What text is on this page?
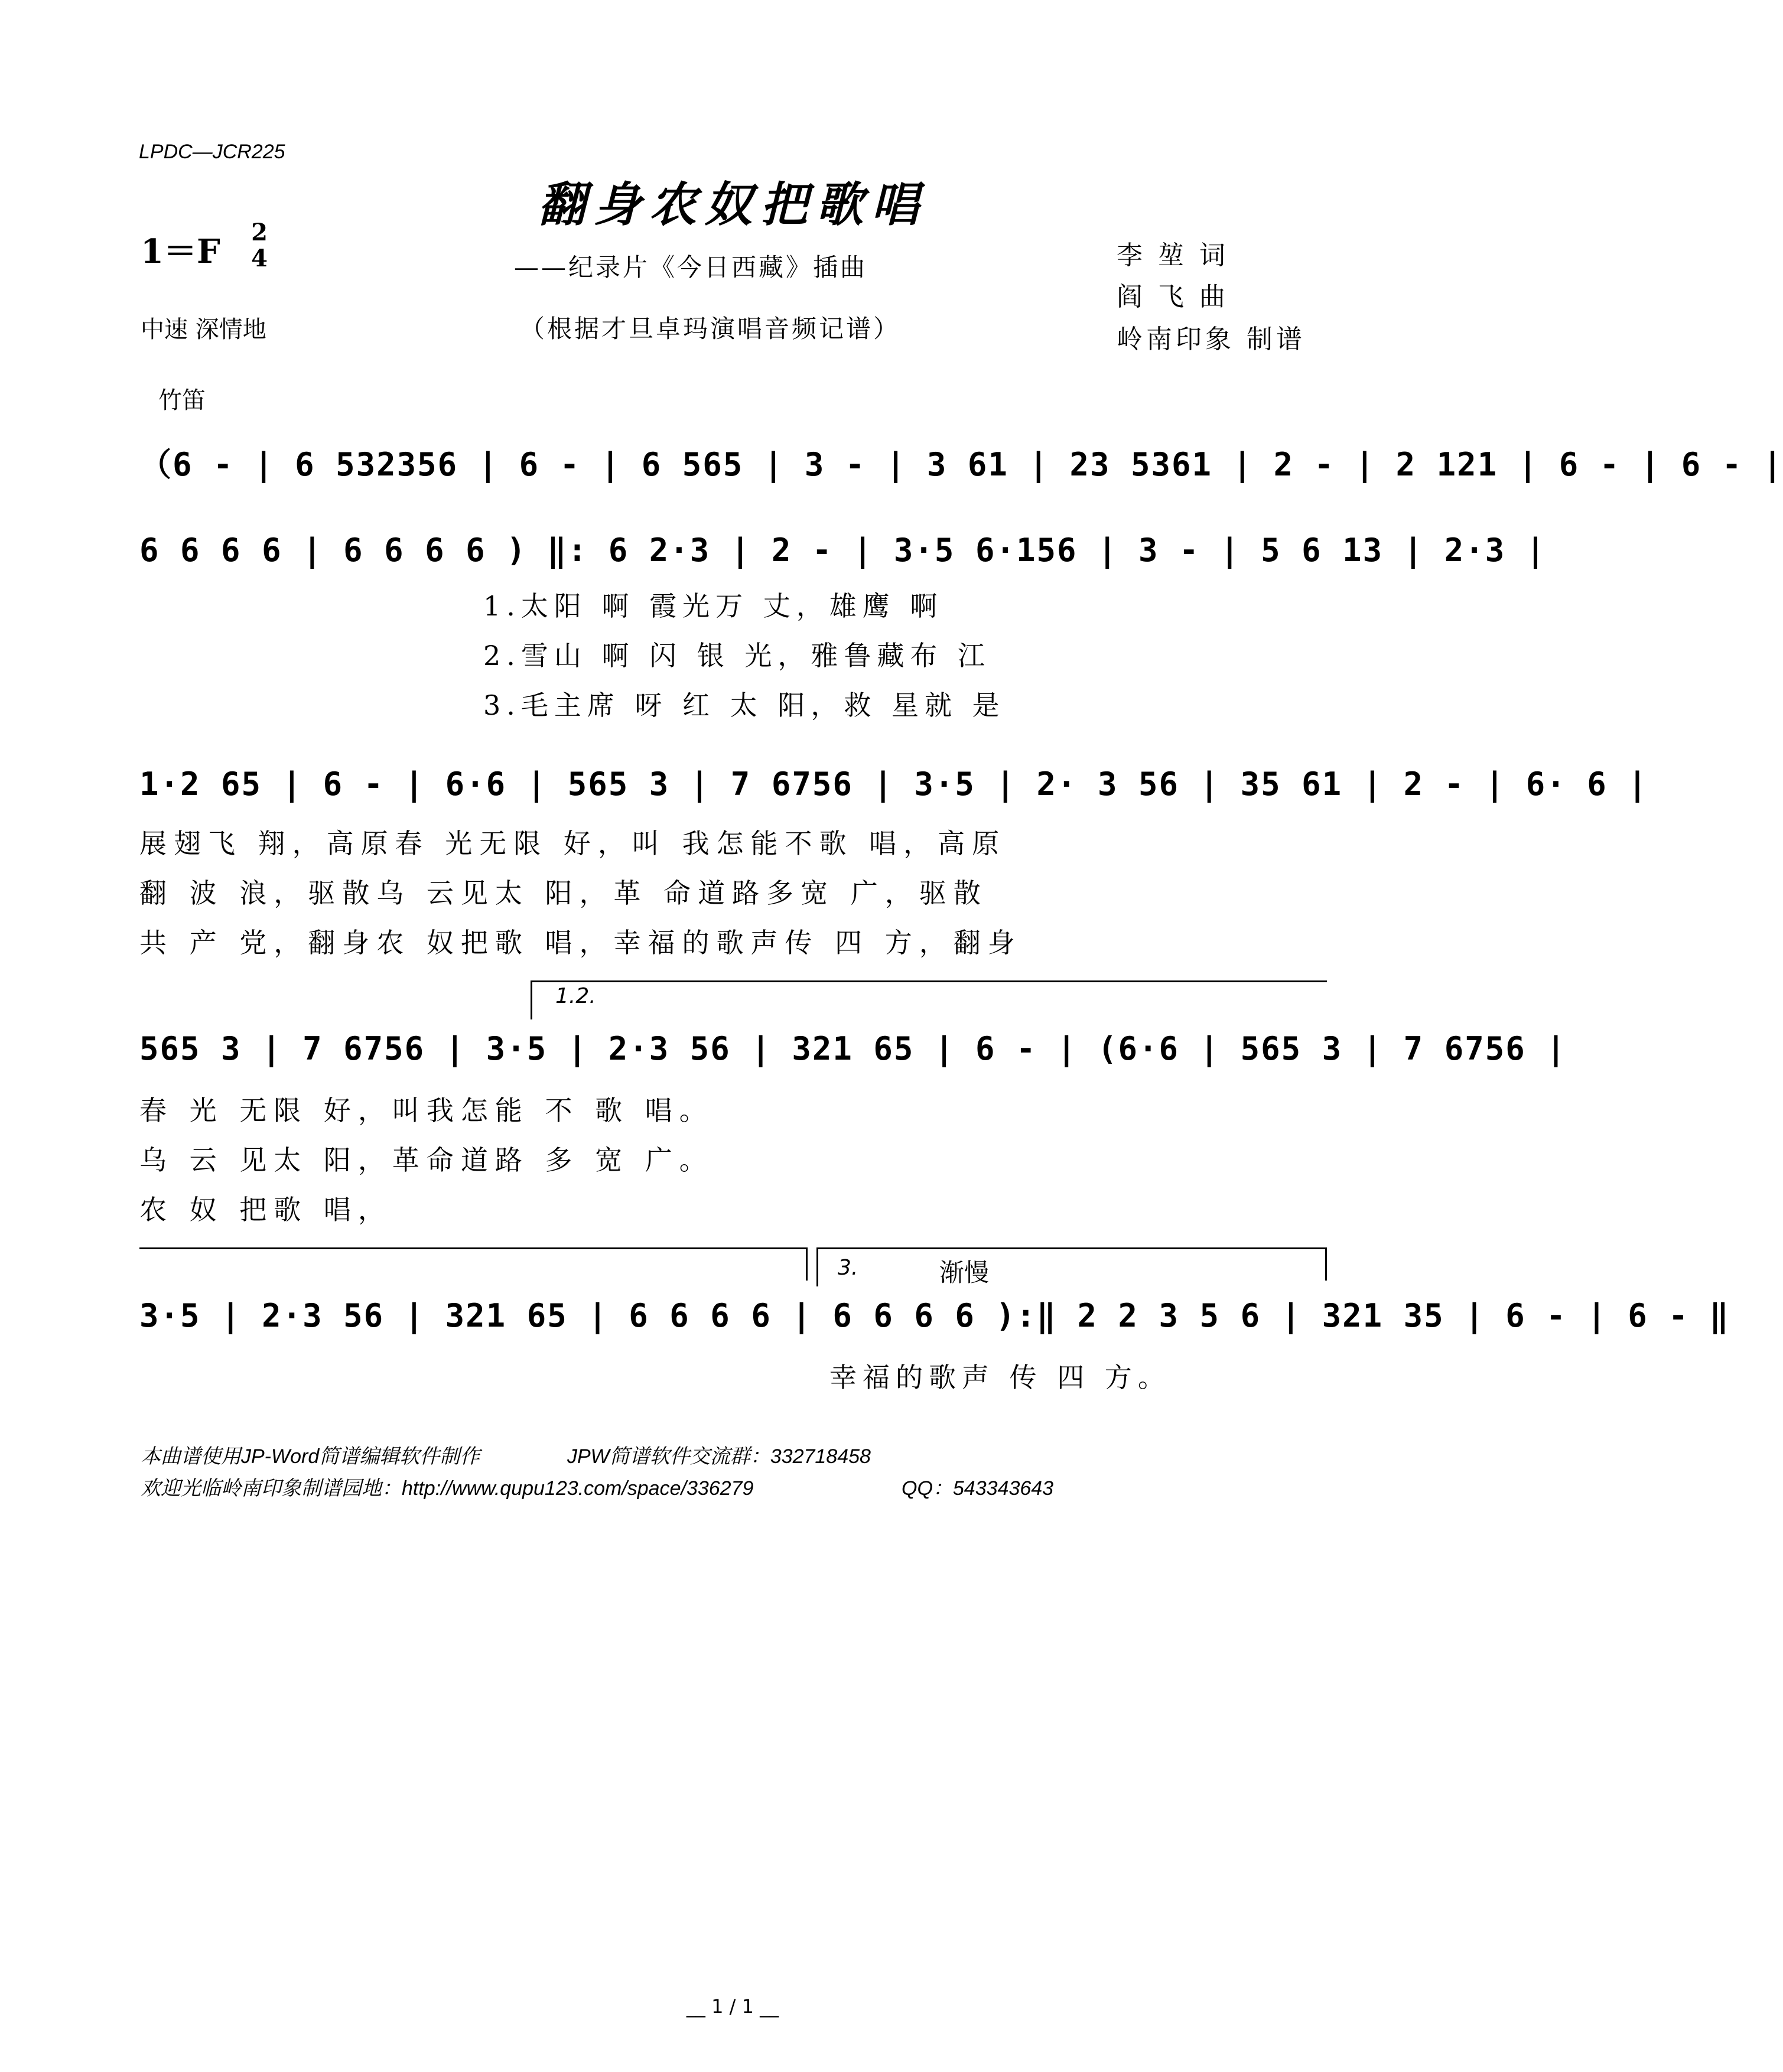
LPDC—JCR225
翻身农奴把歌唱
1＝F 2
4	——纪录片《今日西藏》插曲
（根据才旦卓玛演唱音频记谱）
中速 深情地
李 堃 词
阎 飞 曲
岭南印象 制谱
竹笛
（6 - | 6 532356 | 6 - | 6 565 | 3 - | 3 61 | 23 5361 | 2 - | 2 121 | 6 - | 6 - |
6 6 6 6 | 6 6 6 6 ) ‖: 6 2·3 | 2 - | 3·5 6·156 | 3 - | 5 6 13 | 2·3 |
1.太阳 啊 霞光万 丈，雄鹰 啊
2.雪山 啊 闪 银 光，雅鲁藏布 江
3.毛主席 呀 红 太 阳，救 星就 是
1·2 65 | 6 - | 6·6 | 565 3 | 7 6756 | 3·5 | 2· 3 56 | 35 61 | 2 - | 6· 6 |
展翅飞 翔，高原春 光无限 好，叫 我怎能不歌 唱，高原
翻 波 浪，驱散乌 云见太 阳，革 命道路多宽 广，驱散
共 产 党，翻身农 奴把歌 唱，幸福的歌声传 四 方，翻身
1.2.
565 3 | 7 6756 | 3·5 | 2·3 56 | 321 65 | 6 - | (6·6 | 565 3 | 7 6756 |
春 光 无限 好，叫我怎能 不 歌 唱。
乌 云 见太 阳，革命道路 多 宽 广。
农 奴 把歌 唱，
3.	渐慢
3·5 | 2·3 56 | 321 65 | 6 6 6 6 | 6 6 6 6 ):‖ 2 2 3 5 6 | 321 35 | 6 - | 6 - ‖
幸福的歌声 传 四 方。
本曲谱使用JP-Word简谱编辑软件制作	JPW简谱软件交流群：332718458
欢迎光临岭南印象制谱园地：http://www.qupu123.com/space/336279	QQ：543343643
__ 1 / 1 __
